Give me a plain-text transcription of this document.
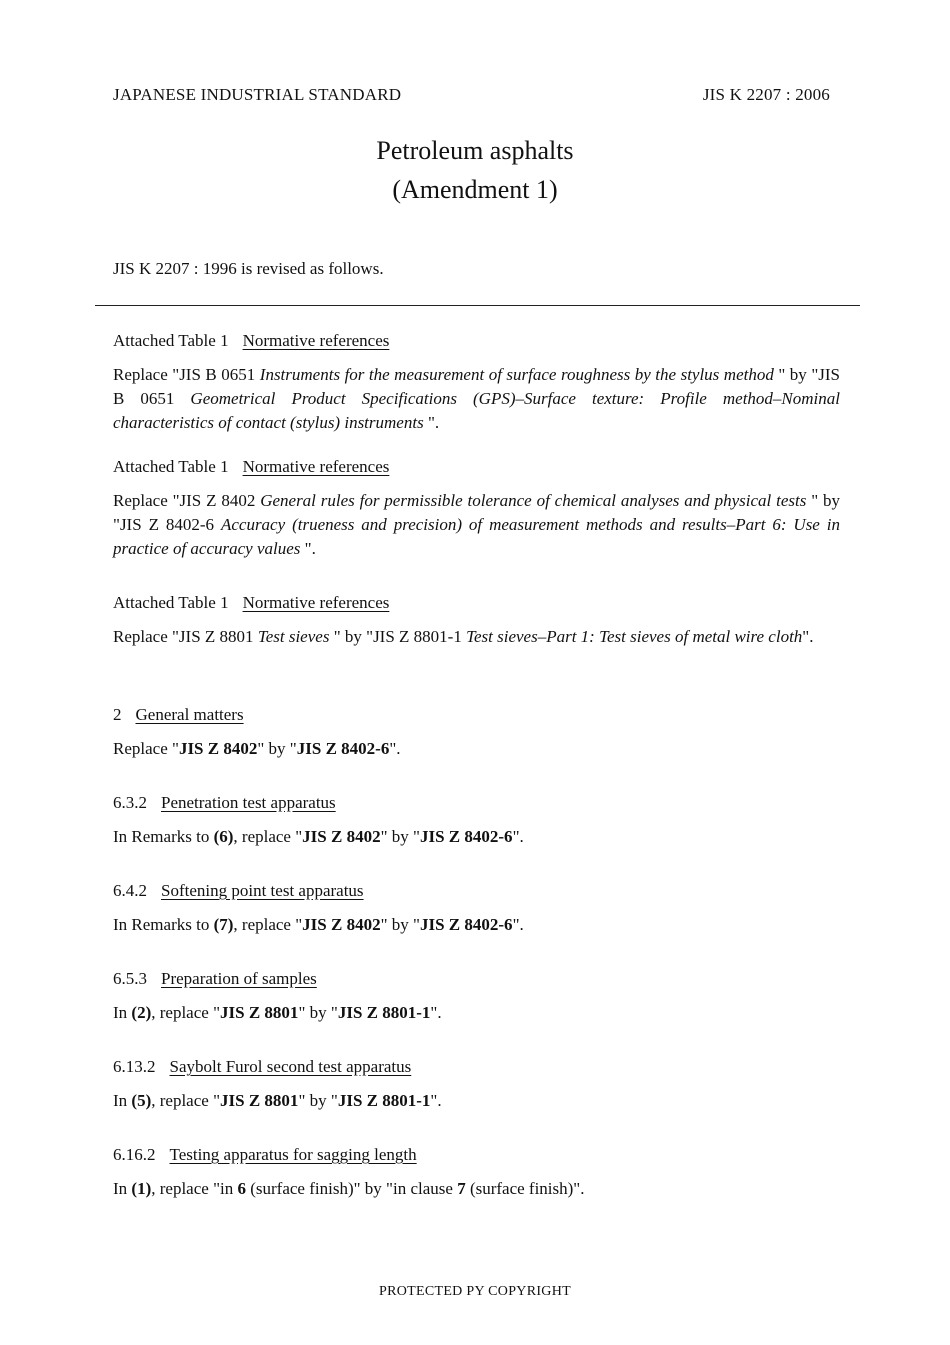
JAPANESE INDUSTRIAL STANDARD	JIS K 2207 : 2006
Petroleum asphalts
(Amendment 1)
JIS K 2207 : 1996 is revised as follows.
Attached Table 1 Normative references
Replace "JIS B 0651 Instruments for the measurement of surface roughness by the stylus method " by "JIS B 0651 Geometrical Product Specifications (GPS)–Surface texture: Profile method–Nominal characteristics of contact (stylus) instruments ".
Attached Table 1 Normative references
Replace "JIS Z 8402 General rules for permissible tolerance of chemical analyses and physical tests " by "JIS Z 8402-6 Accuracy (trueness and precision) of measurement methods and results–Part 6: Use in practice of accuracy values ".
Attached Table 1 Normative references
Replace "JIS Z 8801 Test sieves " by "JIS Z 8801-1 Test sieves–Part 1: Test sieves of metal wire cloth".
2 General matters
Replace "JIS Z 8402" by "JIS Z 8402-6".
6.3.2 Penetration test apparatus
In Remarks to (6), replace "JIS Z 8402" by "JIS Z 8402-6".
6.4.2 Softening point test apparatus
In Remarks to (7), replace "JIS Z 8402" by "JIS Z 8402-6".
6.5.3 Preparation of samples
In (2), replace "JIS Z 8801" by "JIS Z 8801-1".
6.13.2 Saybolt Furol second test apparatus
In (5), replace "JIS Z 8801" by "JIS Z 8801-1".
6.16.2 Testing apparatus for sagging length
In (1), replace "in 6 (surface finish)" by "in clause 7 (surface finish)".
PROTECTED PY COPYRIGHT
